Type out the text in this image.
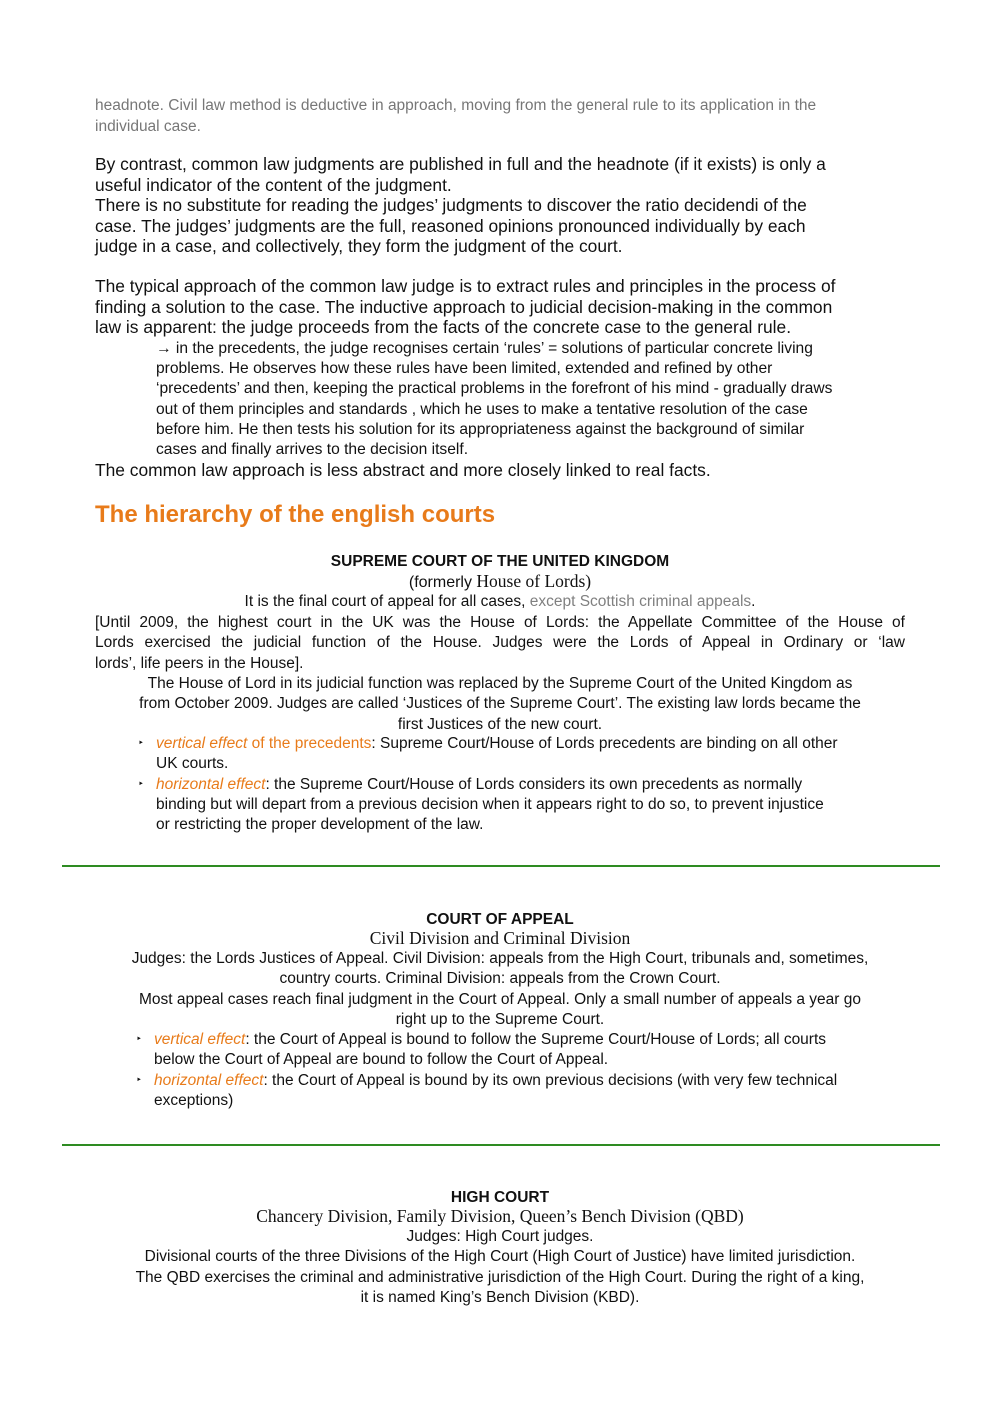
headnote. Civil law method is deductive in approach, moving from the general rule to its application in the
individual case.
By contrast, common law judgments are published in full and the headnote (if it exists) is only a
useful indicator of the content of the judgment.
There is no substitute for reading the judges’ judgments to discover the ratio decidendi of the
case. The judges’ judgments are the full, reasoned opinions pronounced individually by each
judge in a case, and collectively, they form the judgment of the court.
The typical approach of the common law judge is to extract rules and principles in the process of
finding a solution to the case. The inductive approach to judicial decision-making in the common
law is apparent: the judge proceeds from the facts of the concrete case to the general rule.
→ in the precedents, the judge recognises certain ‘rules’ = solutions of particular concrete living
problems. He observes how these rules have been limited, extended and refined by other
‘precedents’ and then, keeping the practical problems in the forefront of his mind - gradually draws
out of them principles and standards , which he uses to make a tentative resolution of the case
before him. He then tests his solution for its appropriateness against the background of similar
cases and finally arrives to the decision itself.
The common law approach is less abstract and more closely linked to real facts.
The hierarchy of the english courts
SUPREME COURT OF THE UNITED KINGDOM
(formerly House of Lords)
It is the final court of appeal for all cases, except Scottish criminal appeals.
[Until 2009, the highest court in the UK was the House of Lords: the Appellate Committee of the House of
Lords exercised the judicial function of the House. Judges were the Lords of Appeal in Ordinary or ‘law
lords’, life peers in the House].
The House of Lord in its judicial function was replaced by the Supreme Court of the United Kingdom as
from October 2009. Judges are called ‘Justices of the Supreme Court’. The existing law lords became the
first Justices of the new court.
‣ vertical effect of the precedents: Supreme Court/House of Lords precedents are binding on all other
UK courts.
‣ horizontal effect: the Supreme Court/House of Lords considers its own precedents as normally
binding but will depart from a previous decision when it appears right to do so, to prevent injustice
or restricting the proper development of the law.
COURT OF APPEAL
Civil Division and Criminal Division
Judges: the Lords Justices of Appeal. Civil Division: appeals from the High Court, tribunals and, sometimes,
country courts. Criminal Division: appeals from the Crown Court.
Most appeal cases reach final judgment in the Court of Appeal. Only a small number of appeals a year go
right up to the Supreme Court.
‣ vertical effect: the Court of Appeal is bound to follow the Supreme Court/House of Lords; all courts
below the Court of Appeal are bound to follow the Court of Appeal.
‣ horizontal effect: the Court of Appeal is bound by its own previous decisions (with very few technical
exceptions)
HIGH COURT
Chancery Division, Family Division, Queen’s Bench Division (QBD)
Judges: High Court judges.
Divisional courts of the three Divisions of the High Court (High Court of Justice) have limited jurisdiction.
The QBD exercises the criminal and administrative jurisdiction of the High Court. During the right of a king,
it is named King’s Bench Division (KBD).
